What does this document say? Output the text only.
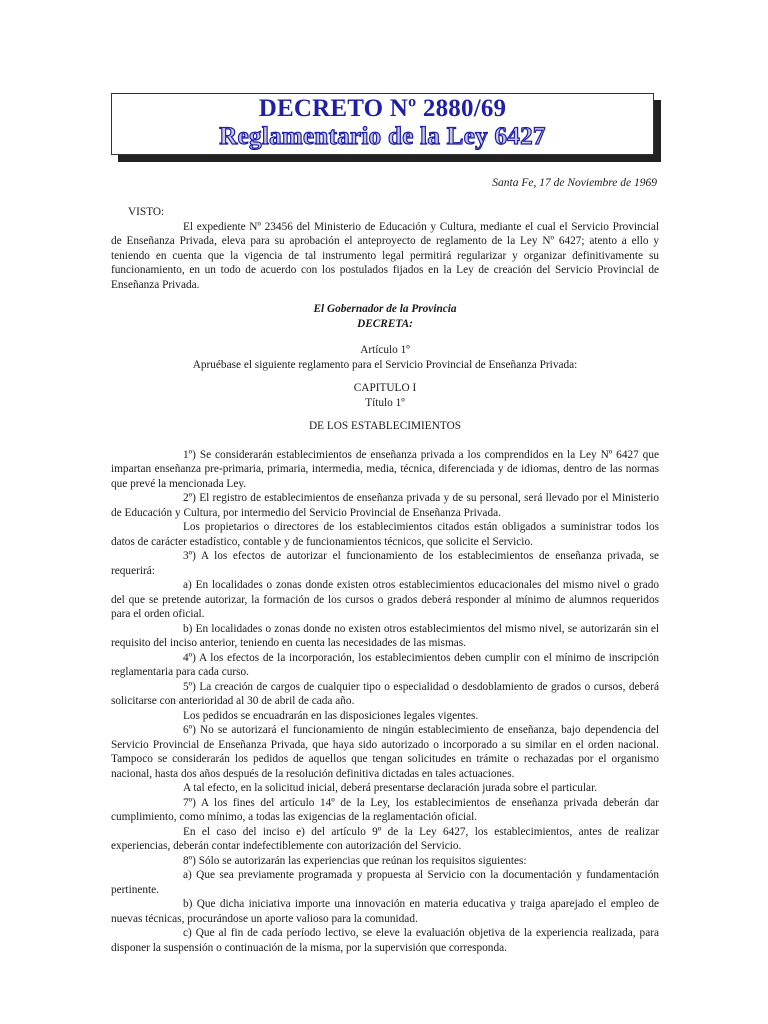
DECRETO Nº 2880/69
Reglamentario de la Ley 6427
Santa Fe, 17 de Noviembre de 1969

VISTO:

El expediente Nº 23456 del Ministerio de Educación y Cultura, mediante el cual el Servicio Provincial de Enseñanza Privada, eleva para su aprobación el anteproyecto de reglamento de la Ley Nº 6427; atento a ello y teniendo en cuenta que la vigencia de tal instrumento legal permitirá regularizar y organizar definitivamente su funcionamiento, en un todo de acuerdo con los postulados fijados en la Ley de creación del Servicio Provincial de Enseñanza Privada.

El Gobernador de la Provincia

DECRETA:

Artículo 1º

Apruébase el siguiente reglamento para el Servicio Provincial de Enseñanza Privada:

CAPITULO I

Título 1º

DE LOS ESTABLECIMIENTOS

1º) Se considerarán establecimientos de enseñanza privada a los comprendidos en la Ley Nº 6427 que impartan enseñanza pre-primaria, primaria, intermedia, media, técnica, diferenciada y de idiomas, dentro de las normas que prevé la mencionada Ley.

2º) El registro de establecimientos de enseñanza privada y de su personal, será llevado por el Ministerio de Educación y Cultura, por intermedio del Servicio Provincial de Enseñanza Privada.

Los propietarios o directores de los establecimientos citados están obligados a suministrar todos los datos de carácter estadístico, contable y de funcionamientos técnicos, que solicite el Servicio.

3º) A los efectos de autorizar el funcionamiento de los establecimientos de enseñanza privada, se requerirá:

a) En localidades o zonas donde existen otros establecimientos educacionales del mismo nivel o grado del que se pretende autorizar, la formación de los cursos o grados deberá responder al mínimo de alumnos requeridos para el orden oficial.

b) En localidades o zonas donde no existen otros establecimientos del mismo nivel, se autorizarán sin el requisito del inciso anterior, teniendo en cuenta las necesidades de las mismas.

4º) A los efectos de la incorporación, los establecimientos deben cumplir con el mínimo de inscripción reglamentaria para cada curso.

5º) La creación de cargos de cualquier tipo o especialidad o desdoblamiento de grados o cursos, deberá solicitarse con anterioridad al 30 de abril de cada año.

Los pedidos se encuadrarán en las disposiciones legales vigentes.

6º) No se autorizará el funcionamiento de ningún establecimiento de enseñanza, bajo dependencia del Servicio Provincial de Enseñanza Privada, que haya sido autorizado o incorporado a su similar en el orden nacional. Tampoco se considerarán los pedidos de aquellos que tengan solicitudes en trámite o rechazadas por el organismo nacional, hasta dos años después de la resolución definitiva dictadas en tales actuaciones.

A tal efecto, en la solicitud inicial, deberá presentarse declaración jurada sobre el particular.

7º) A los fines del artículo 14º de la Ley, los establecimientos de enseñanza privada deberán dar cumplimiento, como mínimo, a todas las exigencias de la reglamentación oficial.

En el caso del inciso e) del artículo 9º de la Ley 6427, los establecimientos, antes de realizar experiencias, deberán contar indefectiblemente con autorización del Servicio.

8º) Sólo se autorizarán las experiencias que reúnan los requisitos siguientes:

a) Que sea previamente programada y propuesta al Servicio con la documentación y fundamentación pertinente.

b) Que dicha iniciativa importe una innovación en materia educativa y traiga aparejado el empleo de nuevas técnicas, procurándose un aporte valioso para la comunidad.

c) Que al fin de cada período lectivo, se eleve la evaluación objetiva de la experiencia realizada, para disponer la suspensión o continuación de la misma, por la supervisión que corresponda.
